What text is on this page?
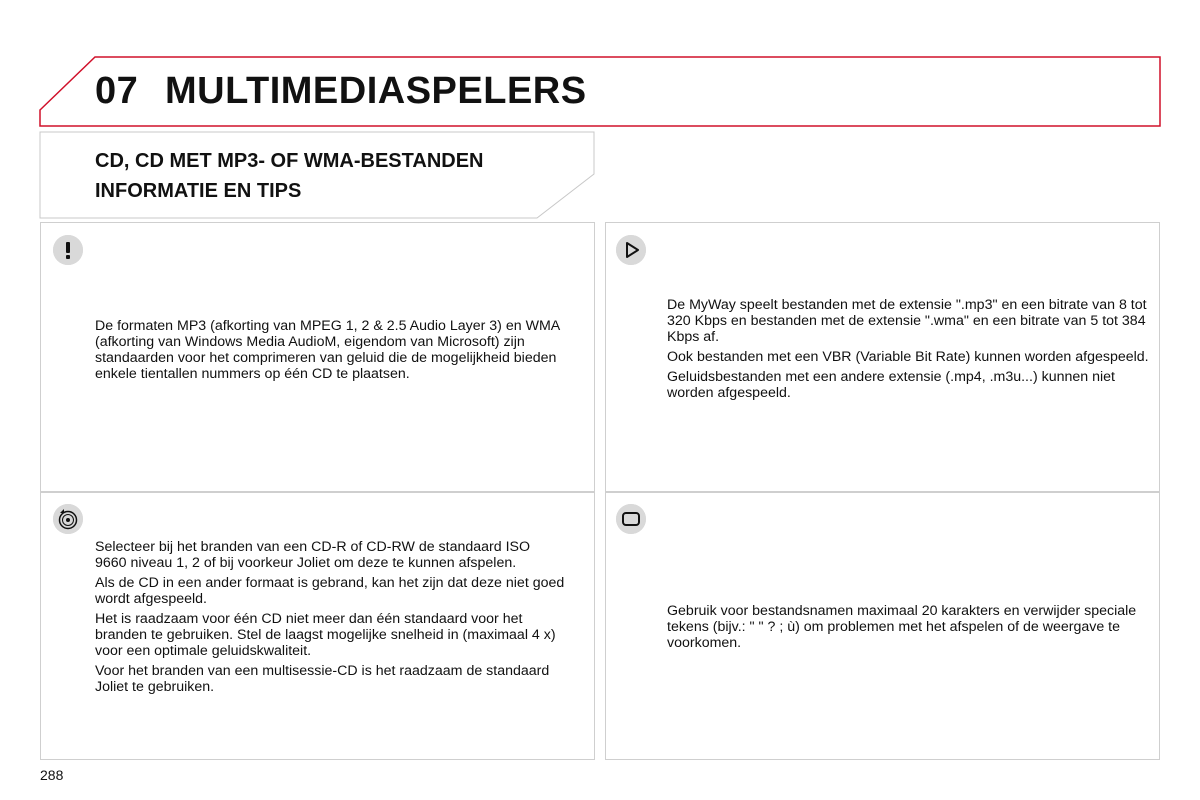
07 MULTIMEDIASPELERS
CD, CD MET MP3- OF WMA-BESTANDEN
INFORMATIE EN TIPS

De formaten MP3 (afkorting van MPEG 1, 2 & 2.5 Audio Layer 3) en WMA (afkorting van Windows Media AudioM, eigendom van Microsoft) zijn standaarden voor het comprimeren van geluid die de mogelijkheid bieden enkele tientallen nummers op één CD te plaatsen.

De MyWay speelt bestanden met de extensie ".mp3" en een bitrate van 8 tot 320 Kbps en bestanden met de extensie ".wma" en een bitrate van 5 tot 384 Kbps af.

Ook bestanden met een VBR (Variable Bit Rate) kunnen worden afgespeeld.

Geluidsbestanden met een andere extensie (.mp4, .m3u...) kunnen niet worden afgespeeld.

Selecteer bij het branden van een CD-R of CD-RW de standaard ISO 9660 niveau 1, 2 of bij voorkeur Joliet om deze te kunnen afspelen.

Als de CD in een ander formaat is gebrand, kan het zijn dat deze niet goed wordt afgespeeld.

Het is raadzaam voor één CD niet meer dan één standaard voor het branden te gebruiken. Stel de laagst mogelijke snelheid in (maximaal 4 x) voor een optimale geluidskwaliteit.

Voor het branden van een multisessie-CD is het raadzaam de standaard Joliet te gebruiken.

Gebruik voor bestandsnamen maximaal 20 karakters en verwijder speciale tekens (bijv.: " " ? ; ù) om problemen met het afspelen of de weergave te voorkomen.

288
